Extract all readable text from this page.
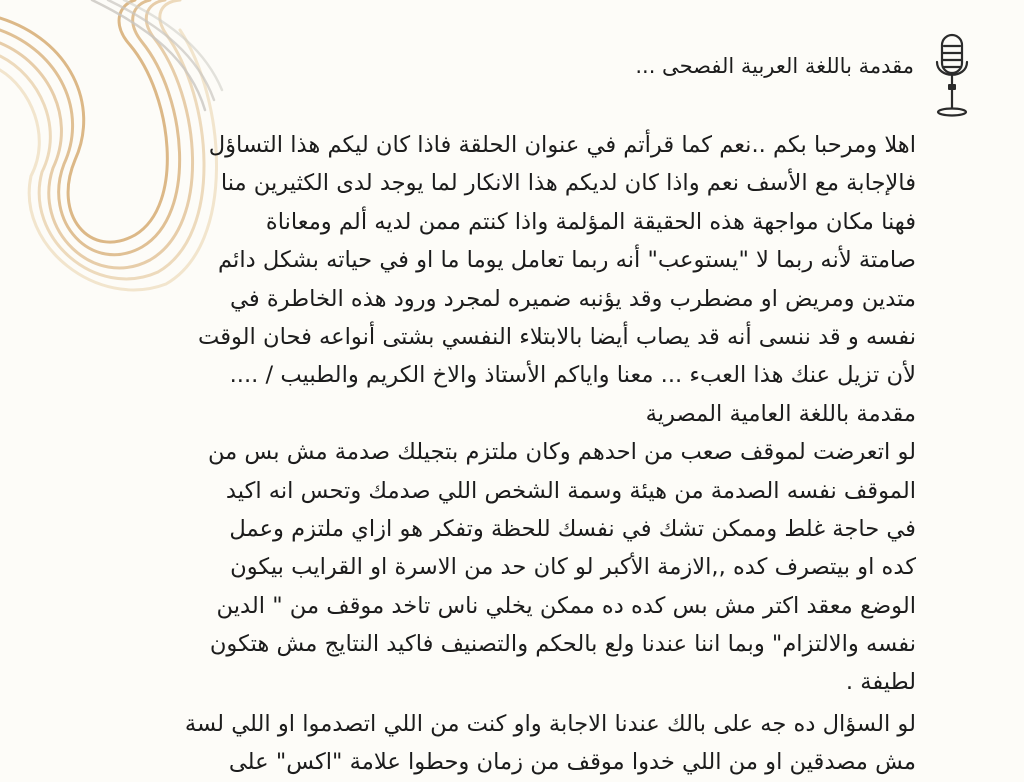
مقدمة باللغة العربية الفصحى ...
اهلا ومرحبا بكم ..نعم كما قرأتم في عنوان الحلقة فاذا كان ليكم هذا التساؤل
فالإجابة مع الأسف نعم واذا كان لديكم هذا الانكار لما يوجد لدى الكثيرين منا
فهنا مكان مواجهة هذه الحقيقة المؤلمة واذا كنتم ممن لديه ألم ومعاناة
صامتة لأنه ربما لا "يستوعب" أنه ربما تعامل يوما ما او في حياته بشكل دائم
متدين ومريض او مضطرب وقد يؤنبه ضميره لمجرد ورود هذه الخاطرة في
نفسه و قد ننسى أنه قد يصاب أيضا بالابتلاء النفسي بشتى أنواعه فحان الوقت
لأن تزيل عنك هذا العبء ... معنا واياكم الأستاذ والاخ الكريم والطبيب / ....
مقدمة باللغة العامية المصرية
لو اتعرضت لموقف صعب من احدهم وكان ملتزم بتجيلك صدمة مش بس من
الموقف نفسه الصدمة من هيئة وسمة الشخص اللي صدمك وتحس انه اكيد
في حاجة غلط وممكن تشك في نفسك للحظة وتفكر هو ازاي ملتزم وعمل
كده او بيتصرف كده ,,الازمة الأكبر لو كان حد من الاسرة او القرايب بيكون
الوضع معقد اكتر مش بس كده ده ممكن يخلي ناس تاخد موقف من " الدين
نفسه والالتزام" وبما اننا عندنا ولع بالحكم والتصنيف فاكيد النتايج مش هتكون
لطيفة .
لو السؤال ده جه على بالك عندنا الاجابة واو كنت من اللي اتصدموا او اللي لسة
مش مصدقين او من اللي خدوا موقف من زمان وحطوا علامة "اكس" على
